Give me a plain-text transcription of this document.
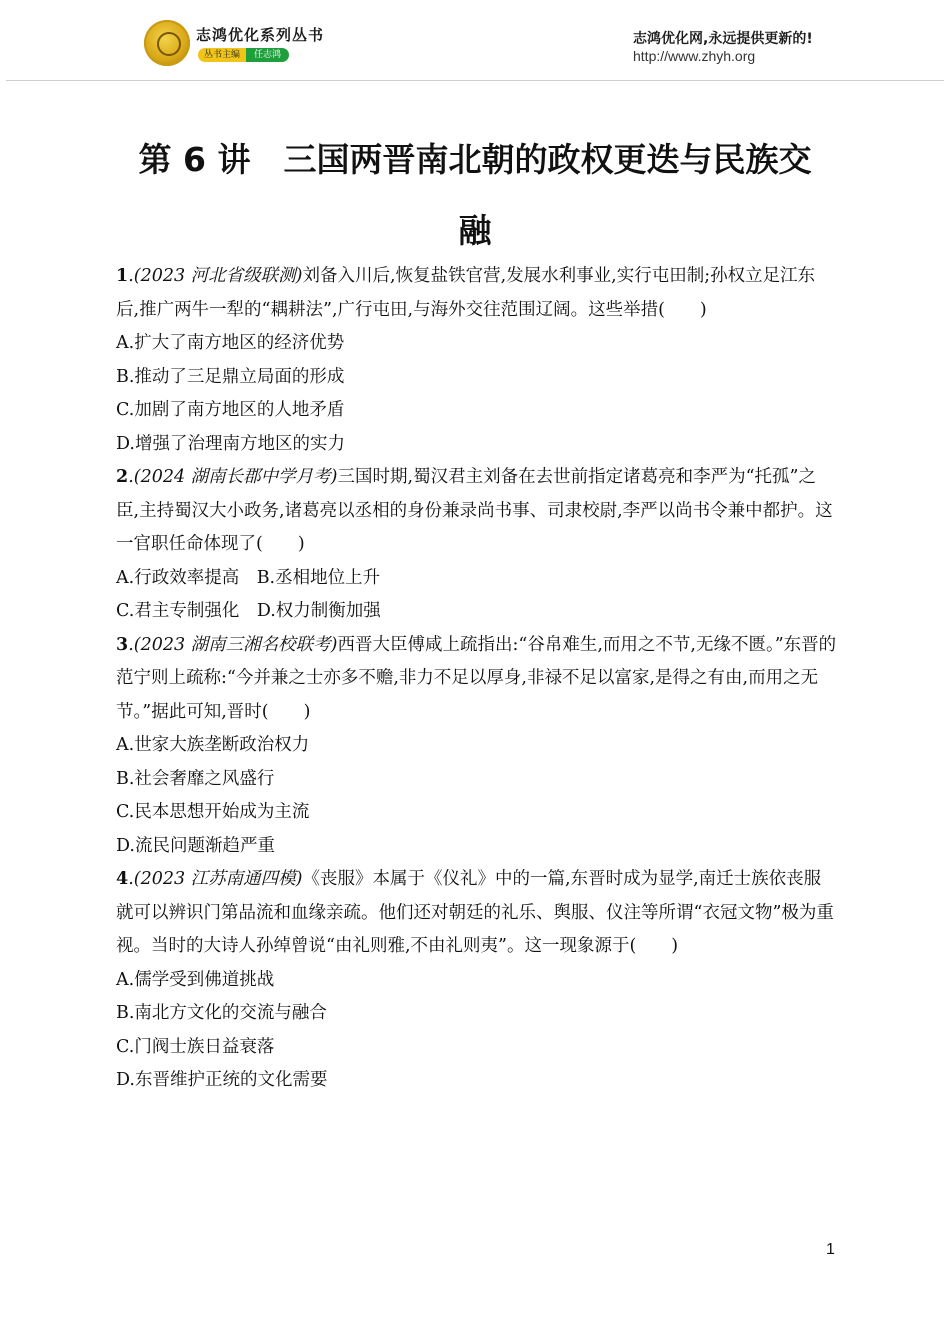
志鸿优化系列丛书
丛书主编	任志鸿
志鸿优化网,永远提供更新的!
http://www.zhyh.org
第 6 讲　三国两晋南北朝的政权更迭与民族交
融

1.(2023 河北省级联测)刘备入川后,恢复盐铁官营,发展水利事业,实行屯田制;孙权立足江东后,推广两牛一犁的“耦耕法”,广行屯田,与海外交往范围辽阔。这些举措(　　)

A.扩大了南方地区的经济优势

B.推动了三足鼎立局面的形成

C.加剧了南方地区的人地矛盾

D.增强了治理南方地区的实力

2.(2024 湖南长郡中学月考)三国时期,蜀汉君主刘备在去世前指定诸葛亮和李严为“托孤”之臣,主持蜀汉大小政务,诸葛亮以丞相的身份兼录尚书事、司隶校尉,李严以尚书令兼中都护。这一官职任命体现了(　　)

A.行政效率提高　B.丞相地位上升

C.君主专制强化　D.权力制衡加强

3.(2023 湖南三湘名校联考)西晋大臣傅咸上疏指出:“谷帛难生,而用之不节,无缘不匮。”东晋的范宁则上疏称:“今并兼之士亦多不赡,非力不足以厚身,非禄不足以富家,是得之有由,而用之无节。”据此可知,晋时(　　)

A.世家大族垄断政治权力

B.社会奢靡之风盛行

C.民本思想开始成为主流

D.流民问题渐趋严重

4.(2023 江苏南通四模)《丧服》本属于《仪礼》中的一篇,东晋时成为显学,南迁士族依丧服就可以辨识门第品流和血缘亲疏。他们还对朝廷的礼乐、舆服、仪注等所谓“衣冠文物”极为重视。当时的大诗人孙绰曾说“由礼则雅,不由礼则夷”。这一现象源于(　　)

A.儒学受到佛道挑战

B.南北方文化的交流与融合

C.门阀士族日益衰落

D.东晋维护正统的文化需要

1
